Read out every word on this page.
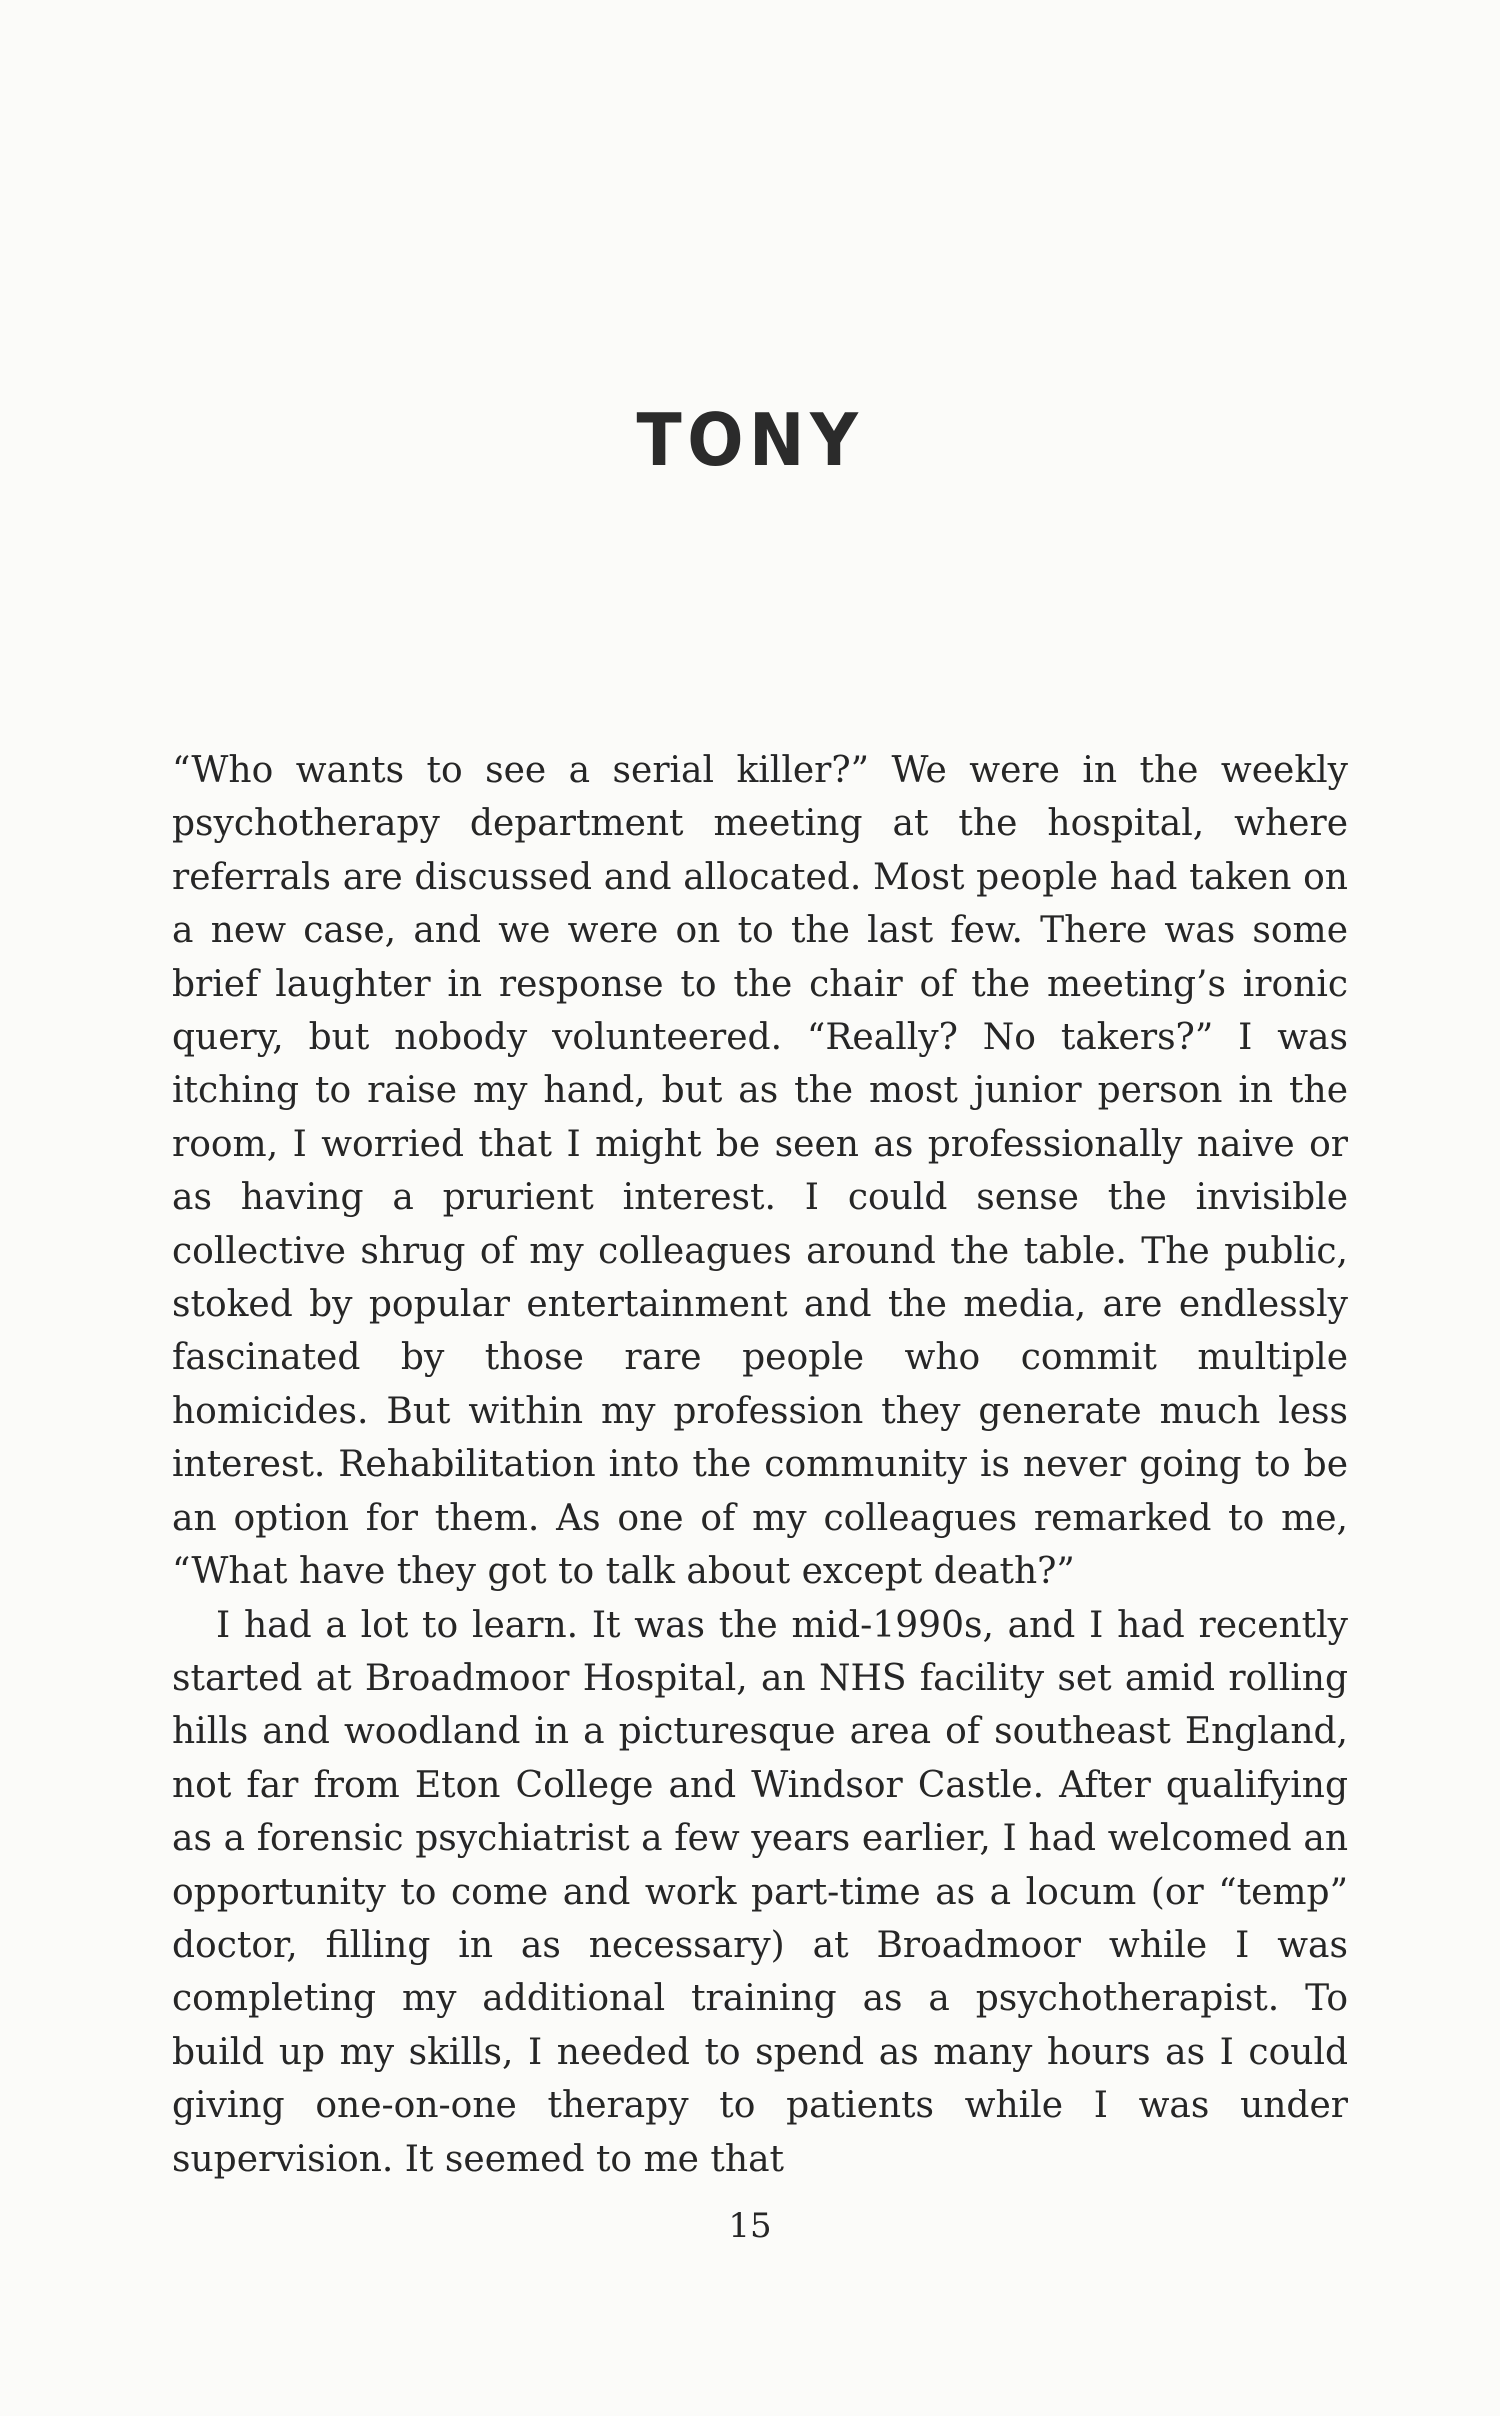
TONY

“Who wants to see a serial killer?” We were in the weekly psychotherapy department meeting at the hospital, where referrals are discussed and allocated. Most people had taken on a new case, and we were on to the last few. There was some brief laughter in response to the chair of the meeting’s ironic query, but nobody volunteered. “Really? No takers?” I was itching to raise my hand, but as the most junior person in the room, I worried that I might be seen as professionally naive or as having a prurient interest. I could sense the invisible collective shrug of my colleagues around the table. The public, stoked by popular entertainment and the media, are endlessly fascinated by those rare people who commit multiple homicides. But within my profession they generate much less interest. Rehabilitation into the community is never going to be an option for them. As one of my colleagues remarked to me, “What have they got to talk about except death?”

I had a lot to learn. It was the mid-1990s, and I had recently started at Broadmoor Hospital, an NHS facility set amid rolling hills and woodland in a picturesque area of southeast England, not far from Eton College and Windsor Castle. After qualifying as a forensic psychiatrist a few years earlier, I had welcomed an opportunity to come and work part-time as a locum (or “temp” doctor, filling in as necessary) at Broadmoor while I was completing my additional training as a psychotherapist. To build up my skills, I needed to spend as many hours as I could giving one-on-one therapy to patients while I was under supervision. It seemed to me that

15
